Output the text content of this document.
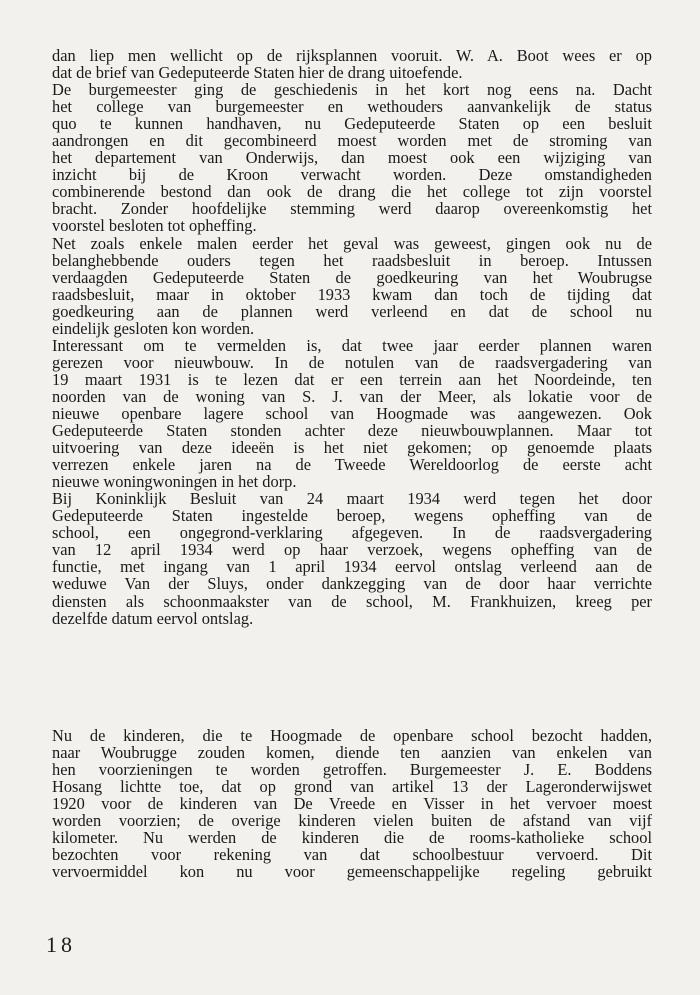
dan liep men wellicht op de rijksplannen vooruit. W. A. Boot wees er op
dat de brief van Gedeputeerde Staten hier de drang uitoefende.
De burgemeester ging de geschiedenis in het kort nog eens na. Dacht
het college van burgemeester en wethouders aanvankelijk de status
quo te kunnen handhaven, nu Gedeputeerde Staten op een besluit
aandrongen en dit gecombineerd moest worden met de stroming van
het departement van Onderwijs, dan moest ook een wijziging van
inzicht bij de Kroon verwacht worden. Deze omstandigheden
combinerende bestond dan ook de drang die het college tot zijn voorstel
bracht. Zonder hoofdelijke stemming werd daarop overeenkomstig het
voorstel besloten tot opheffing.
Net zoals enkele malen eerder het geval was geweest, gingen ook nu de
belanghebbende ouders tegen het raadsbesluit in beroep. Intussen
verdaagden Gedeputeerde Staten de goedkeuring van het Woubrugse
raadsbesluit, maar in oktober 1933 kwam dan toch de tijding dat
goedkeuring aan de plannen werd verleend en dat de school nu
eindelijk gesloten kon worden.
Interessant om te vermelden is, dat twee jaar eerder plannen waren
gerezen voor nieuwbouw. In de notulen van de raadsvergadering van
19 maart 1931 is te lezen dat er een terrein aan het Noordeinde, ten
noorden van de woning van S. J. van der Meer, als lokatie voor de
nieuwe openbare lagere school van Hoogmade was aangewezen. Ook
Gedeputeerde Staten stonden achter deze nieuwbouwplannen. Maar tot
uitvoering van deze ideeën is het niet gekomen; op genoemde plaats
verrezen enkele jaren na de Tweede Wereldoorlog de eerste acht
nieuwe woningwoningen in het dorp.
Bij Koninklijk Besluit van 24 maart 1934 werd tegen het door
Gedeputeerde Staten ingestelde beroep, wegens opheffing van de
school, een ongegrond-verklaring afgegeven. In de raadsvergadering
van 12 april 1934 werd op haar verzoek, wegens opheffing van de
functie, met ingang van 1 april 1934 eervol ontslag verleend aan de
weduwe Van der Sluys, onder dankzegging van de door haar verrichte
diensten als schoonmaakster van de school, M. Frankhuizen, kreeg per
dezelfde datum eervol ontslag.
Nu de kinderen, die te Hoogmade de openbare school bezocht hadden,
naar Woubrugge zouden komen, diende ten aanzien van enkelen van
hen voorzieningen te worden getroffen. Burgemeester J. E. Boddens
Hosang lichtte toe, dat op grond van artikel 13 der Lageronderwijswet
1920 voor de kinderen van De Vreede en Visser in het vervoer moest
worden voorzien; de overige kinderen vielen buiten de afstand van vijf
kilometer. Nu werden de kinderen die de rooms-katholieke school
bezochten voor rekening van dat schoolbestuur vervoerd. Dit
vervoermiddel kon nu voor gemeenschappelijke regeling gebruikt
18
